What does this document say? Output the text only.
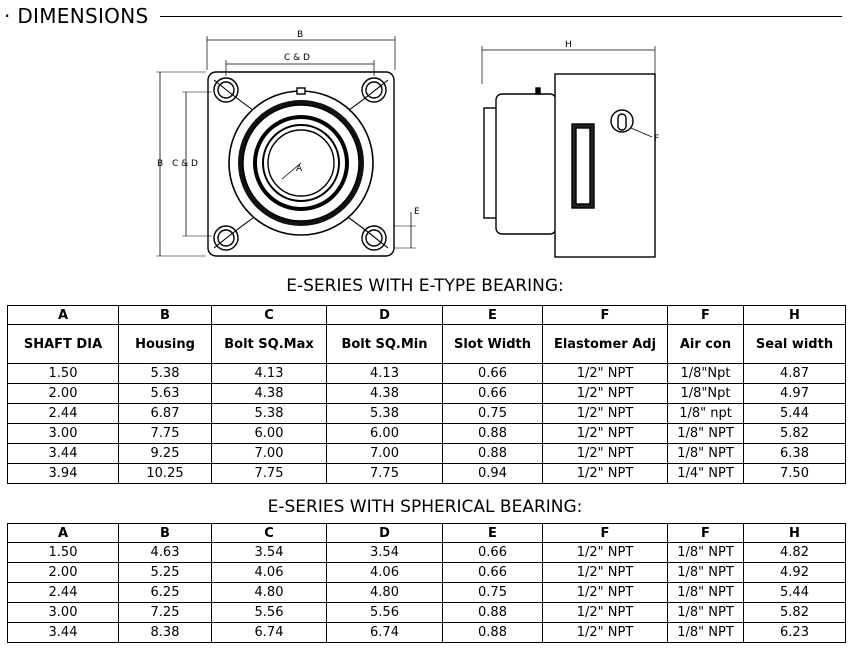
· DIMENSIONS
B
C & D
B C & D	A
E
H
F
E-SERIES WITH E-TYPE BEARING:
A	B	C	D	E	F	F	H
SHAFT DIA	Housing	Bolt SQ.Max	Bolt SQ.Min	Slot Width	Elastomer Adj	Air con	Seal width
1.50	5.38	4.13	4.13	0.66	1/2" NPT	1/8"Npt	4.87
2.00	5.63	4.38	4.38	0.66	1/2" NPT	1/8"Npt	4.97
2.44	6.87	5.38	5.38	0.75	1/2" NPT	1/8" npt	5.44
3.00	7.75	6.00	6.00	0.88	1/2" NPT	1/8" NPT	5.82
3.44	9.25	7.00	7.00	0.88	1/2" NPT	1/8" NPT	6.38
3.94	10.25	7.75	7.75	0.94	1/2" NPT	1/4" NPT	7.50
E-SERIES WITH SPHERICAL BEARING:
A	B	C	D	E	F	F	H
1.50	4.63	3.54	3.54	0.66	1/2" NPT	1/8" NPT	4.82
2.00	5.25	4.06	4.06	0.66	1/2" NPT	1/8" NPT	4.92
2.44	6.25	4.80	4.80	0.75	1/2" NPT	1/8" NPT	5.44
3.00	7.25	5.56	5.56	0.88	1/2" NPT	1/8" NPT	5.82
3.44	8.38	6.74	6.74	0.88	1/2" NPT	1/8" NPT	6.23
